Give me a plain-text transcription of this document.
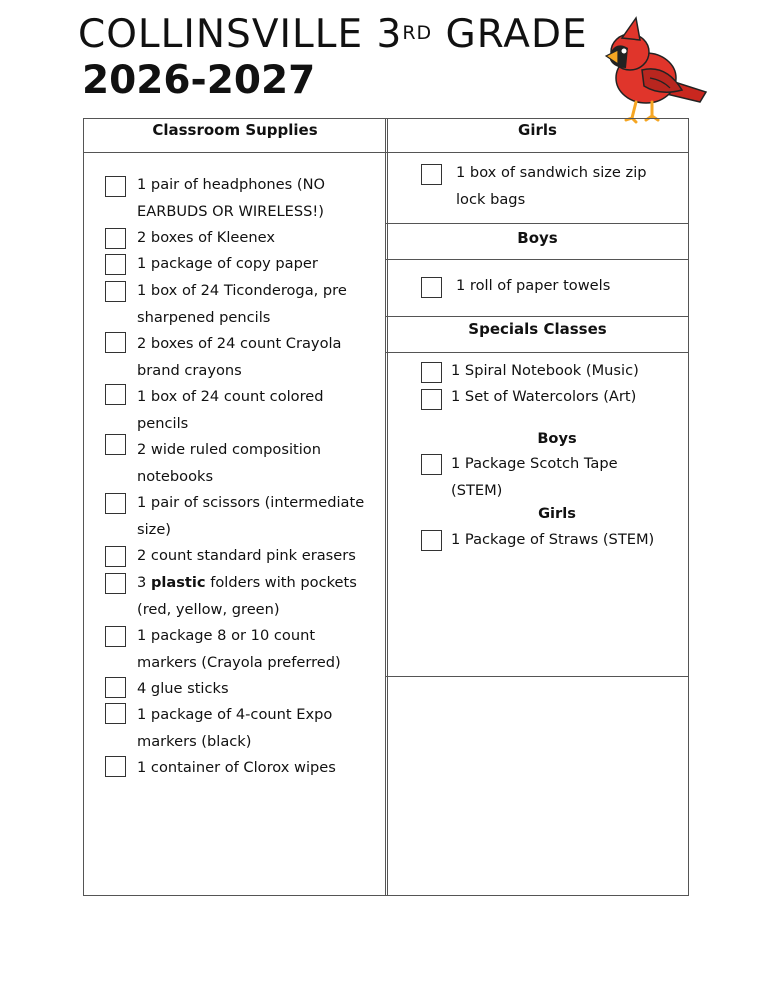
COLLINSVILLE 3RD GRADE
2026-2027
Classroom Supplies	Girls
Boys
Specials Classes
1 pair of headphones (NO
EARBUDS OR WIRELESS!)
2 boxes of Kleenex
1 package of copy paper
1 box of 24 Ticonderoga, pre
sharpened pencils
2 boxes of 24 count Crayola
brand crayons
1 box of 24 count colored
pencils
2 wide ruled composition
notebooks
1 pair of scissors (intermediate
size)
2 count standard pink erasers
3 plastic folders with pockets
(red, yellow, green)
1 package 8 or 10 count
markers (Crayola preferred)
4 glue sticks
1 package of 4-count Expo
markers (black)
1 container of Clorox wipes
1 box of sandwich size zip
lock bags
1 roll of paper towels
1 Spiral Notebook (Music)
1 Set of Watercolors (Art)
Boys
1 Package Scotch Tape
(STEM)
Girls
1 Package of Straws (STEM)
